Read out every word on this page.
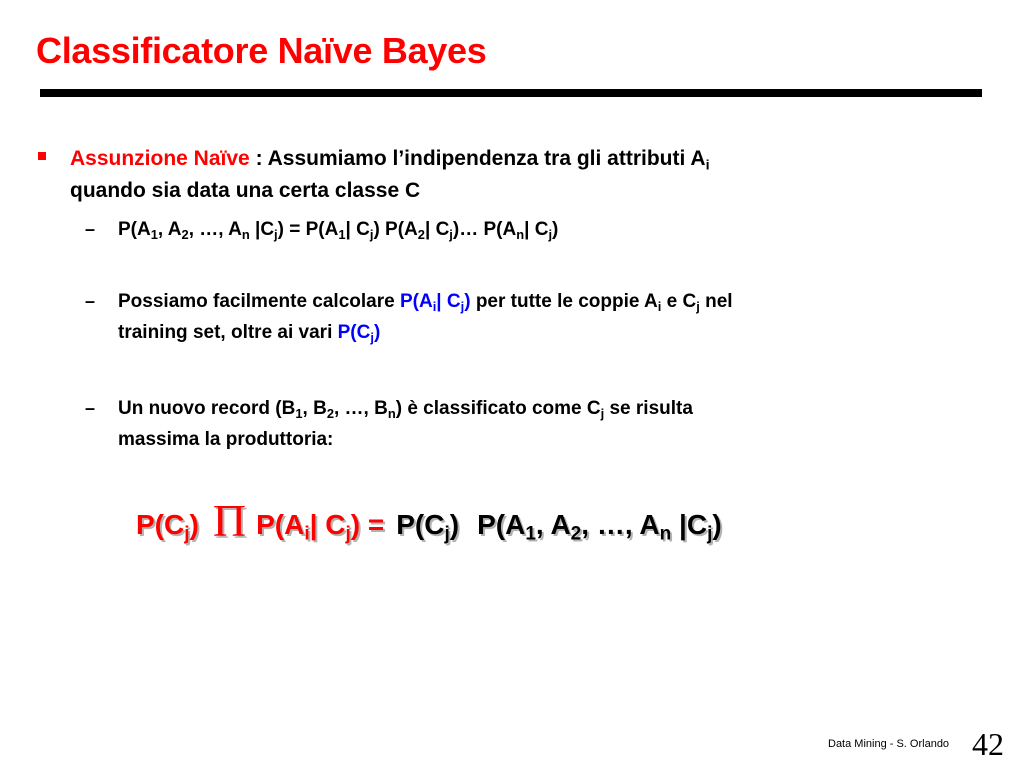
Classificatore Naïve Bayes
Assunzione Naïve : Assumiamo l’indipendenza tra gli attributi $A_i$
quando sia data una certa classe C
– $P(A_1$, $A_2$, …, $A_n$ $|C_j) = P(A_1|$ $C_j$) $P(A_2|$ $C_j)\dots$ $P(A_n|$ $C_j$)
– Possiamo facilmente calcolare $P(A_i|$ $C_j$) per tutte le coppie $A_i$ e $C_j$ nel
training set, oltre ai vari $P(C_j)$
– Un nuovo record ($B_1$, $B_2$, …, $B_n$) è classificato come $C_j$ se risulta
massima la produttoria:
$P(C_j)$ Π $P(A_i|$ $C_j) = P(C_j)$ $P(A_1$, $A_2$, …, $A_n$ $|C_j$)
Data Mining - S. Orlando 42
